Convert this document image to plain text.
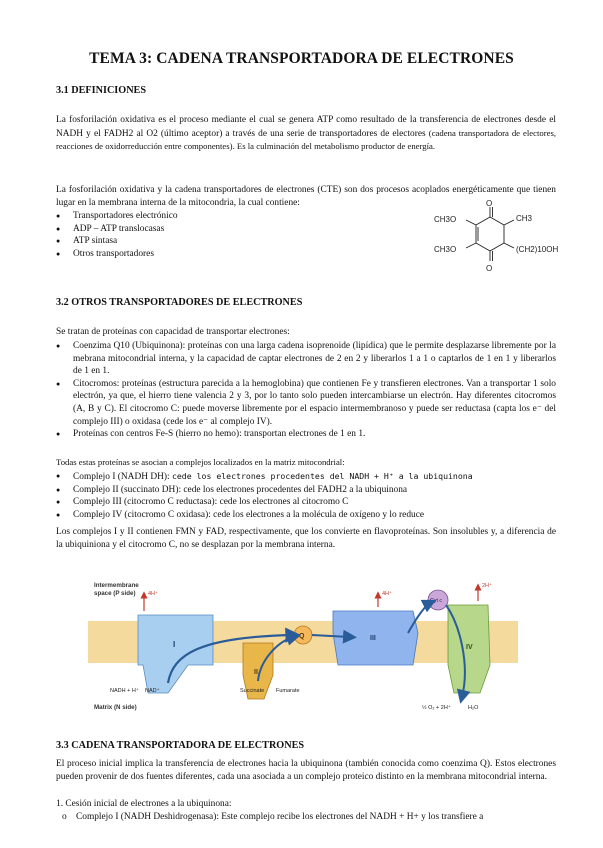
TEMA 3: CADENA TRANSPORTADORA DE ELECTRONES
3.1 DEFINICIONES
La fosforilación oxidativa es el proceso mediante el cual se genera ATP como resultado de la transferencia de electrones desde el NADH y el FADH2 al O2 (último aceptor) a través de una serie de transportadores de electores (cadena transportadora de electores, reacciones de oxidorreducción entre componentes). Es la culminación del metabolismo productor de energía.
La fosforilación oxidativa y la cadena transportadores de electrones (CTE) son dos procesos acoplados energéticamente que tienen lugar en la membrana interna de la mitocondria, la cual contiene:
● Transportadores electrónico
● ADP – ATP translocasas
● ATP sintasa
● Otros transportadores
O
O
CH3O
CH3O
CH3
(CH2)10OH
3.2 OTROS TRANSPORTADORES DE ELECTRONES
Se tratan de proteínas con capacidad de transportar electrones:
● Coenzima Q10 (Ubiquinona): proteínas con una larga cadena isoprenoide (lipídica) que le permite desplazarse libremente por la mebrana mitocondrial interna, y la capacidad de captar electrones de 2 en 2 y liberarlos 1 a 1 o captarlos de 1 en 1 y liberarlos de 1 en 1.
● Citocromos: proteínas (estructura parecida a la hemoglobina) que contienen Fe y transfieren electrones. Van a transportar 1 solo electrón, ya que, el hierro tiene valencia 2 y 3, por lo tanto solo pueden intercambiarse un electrón. Hay diferentes citocromos (A, B y C). El citocromo C: puede moverse libremente por el espacio intermembranoso y puede ser reductasa (capta los e⁻ del complejo III) o oxidasa (cede los e⁻ al complejo IV).
● Proteínas con centros Fe-S (hierro no hemo): transportan electrones de 1 en 1.
Todas estas proteínas se asocian a complejos localizados en la matriz mitocondrial:
● Complejo I (NADH DH): cede los electrones procedentes del NADH + H⁺ a la ubiquinona
● Complejo II (succinato DH): cede los electrones procedentes del FADH2 a la ubiquinona
● Complejo III (citocromo C reductasa): cede los electrones al citocromo C
● Complejo IV (citocromo C oxidasa): cede los electrones a la molécula de oxígeno y lo reduce
Los complejos I y II contienen FMN y FAD, respectivamente, que los convierte en flavoproteínas. Son insolubles y, a diferencia de la ubiquiniona y el citocromo C, no se desplazan por la membrana interna.
Intermembrane
space (P side)
Matrix (N side)
I
4H⁺
NADH + H⁺ NAD⁺
II
Succinate Fumarate
Q	III
4H⁺
Cyt c
IV
2H⁺
½ O₂ + 2H⁺	H₂O
3.3 CADENA TRANSPORTADORA DE ELECTRONES
El proceso inicial implica la transferencia de electrones hacia la ubiquinona (también conocida como coenzima Q). Estos electrones pueden provenir de dos fuentes diferentes, cada una asociada a un complejo proteico distinto en la membrana mitocondrial interna.
1. Cesión inicial de electrones a la ubiquinona:
o Complejo I (NADH Deshidrogenasa): Este complejo recibe los electrones del NADH + H+ y los transfiere a
